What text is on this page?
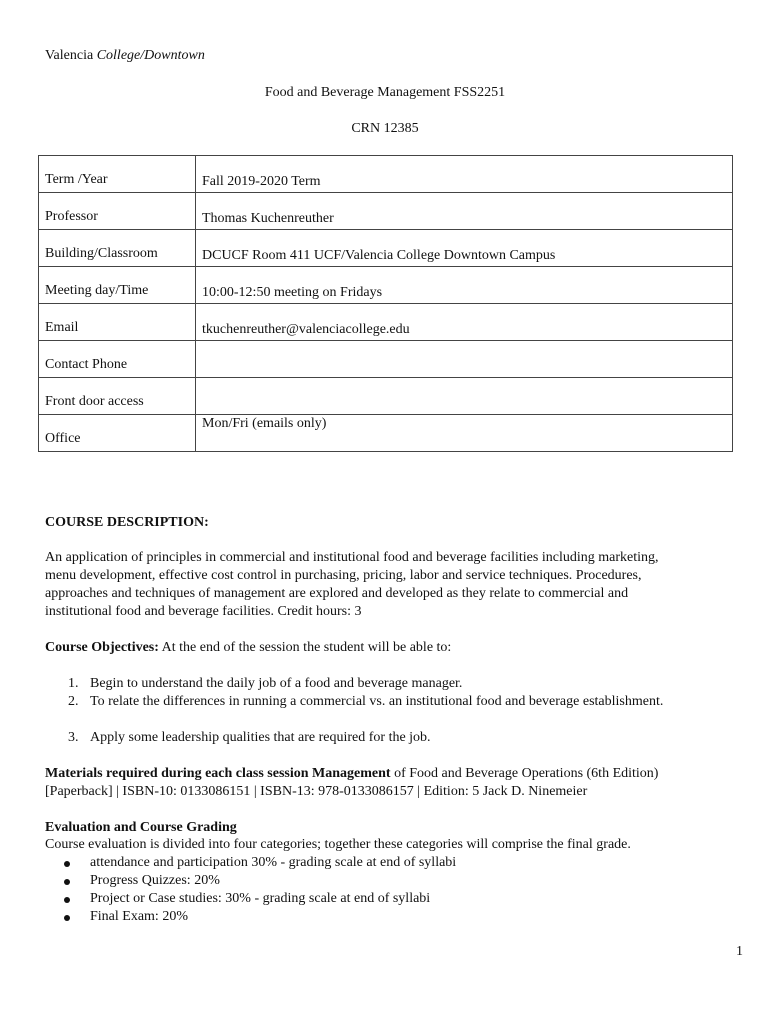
Valencia College/Downtown
Food and Beverage Management FSS2251
CRN 12385
Term /Year	Fall 2019-2020 Term
Professor	Thomas Kuchenreuther
Building/Classroom	DCUCF Room 411 UCF/Valencia College Downtown Campus
Meeting day/Time	10:00-12:50 meeting on Fridays
Email	tkuchenreuther@valenciacollege.edu
Contact Phone	
Front door access	
Office	Mon/Fri (emails only)
COURSE DESCRIPTION:
An application of principles in commercial and institutional food and beverage facilities including marketing,
menu development, effective cost control in purchasing, pricing, labor and service techniques. Procedures,
approaches and techniques of management are explored and developed as they relate to commercial and
institutional food and beverage facilities. Credit hours: 3
Course Objectives: At the end of the session the student will be able to:
1. Begin to understand the daily job of a food and beverage manager.
2. To relate the differences in running a commercial vs. an institutional food and beverage establishment.
3. Apply some leadership qualities that are required for the job.
Materials required during each class session Management of Food and Beverage Operations (6th Edition)
[Paperback] | ISBN-10: 0133086151 | ISBN-13: 978-0133086157 | Edition: 5 Jack D. Ninemeier
Evaluation and Course Grading
Course evaluation is divided into four categories; together these categories will comprise the final grade.
attendance and participation 30% - grading scale at end of syllabi
Progress Quizzes: 20%
Project or Case studies: 30% - grading scale at end of syllabi
Final Exam: 20%
1
